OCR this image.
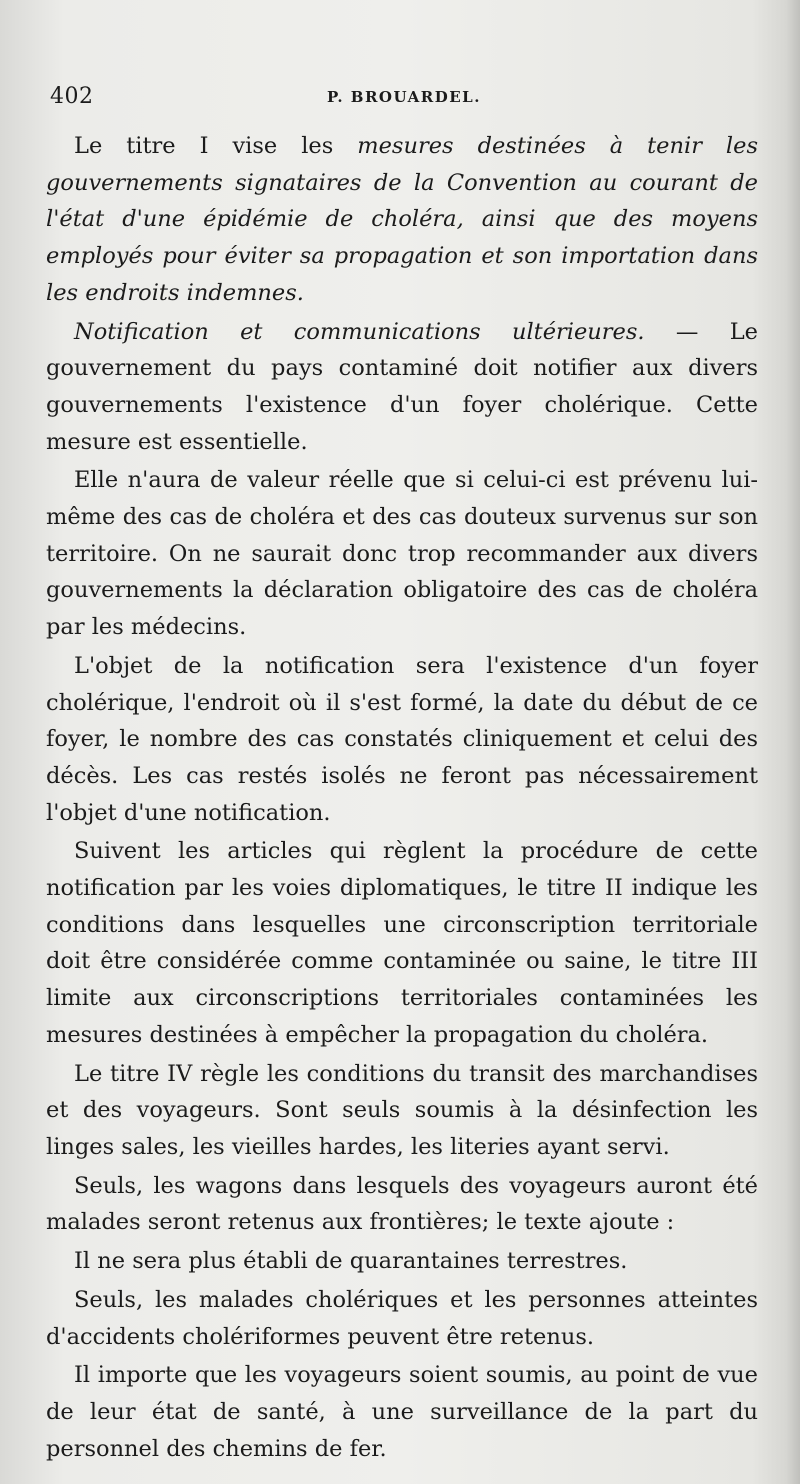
402	P. BROUARDEL.

Le titre I vise les mesures destinées à tenir les gouvernements signataires de la Convention au courant de l'état d'une épidémie de choléra, ainsi que des moyens employés pour éviter sa propagation et son importation dans les endroits indemnes.

Notification et communications ultérieures. — Le gouvernement du pays contaminé doit notifier aux divers gouvernements l'existence d'un foyer cholérique. Cette mesure est essentielle.

Elle n'aura de valeur réelle que si celui-ci est prévenu lui-même des cas de choléra et des cas douteux survenus sur son territoire. On ne saurait donc trop recommander aux divers gouvernements la déclaration obligatoire des cas de choléra par les médecins.

L'objet de la notification sera l'existence d'un foyer cholérique, l'endroit où il s'est formé, la date du début de ce foyer, le nombre des cas constatés cliniquement et celui des décès. Les cas restés isolés ne feront pas nécessairement l'objet d'une notification.

Suivent les articles qui règlent la procédure de cette notification par les voies diplomatiques, le titre II indique les conditions dans lesquelles une circonscription territoriale doit être considérée comme contaminée ou saine, le titre III limite aux circonscriptions territoriales contaminées les mesures destinées à empêcher la propagation du choléra.

Le titre IV règle les conditions du transit des marchandises et des voyageurs. Sont seuls soumis à la désinfection les linges sales, les vieilles hardes, les literies ayant servi.

Seuls, les wagons dans lesquels des voyageurs auront été malades seront retenus aux frontières; le texte ajoute :

Il ne sera plus établi de quarantaines terrestres.

Seuls, les malades cholériques et les personnes atteintes d'accidents cholériformes peuvent être retenus.

Il importe que les voyageurs soient soumis, au point de vue de leur état de santé, à une surveillance de la part du personnel des chemins de fer.
